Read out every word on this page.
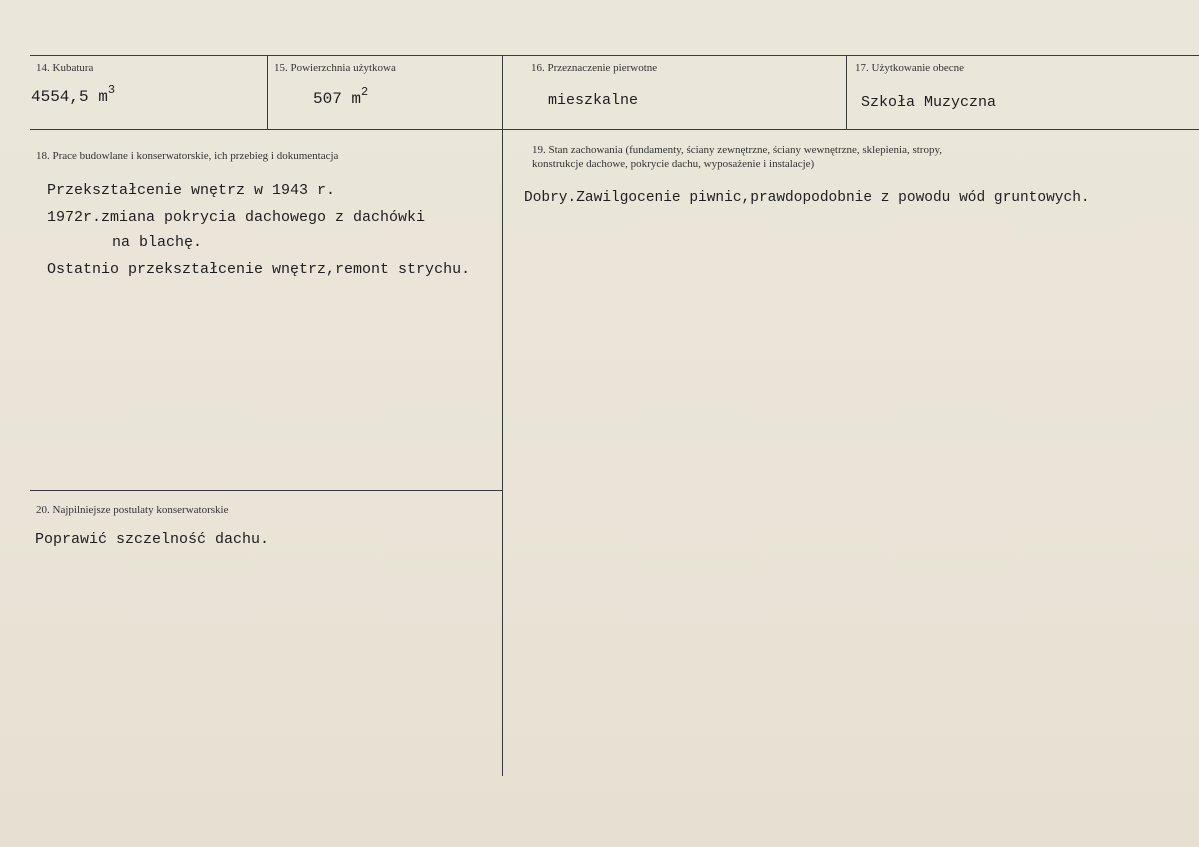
14. Kubatura
4554,5 $m^3$
15. Powierzchnia użytkowa
507 $m^2$
16. Przeznaczenie pierwotne
mieszkalne
17. Użytkowanie obecne
Szkoła Muzyczna
18. Prace budowlane i konserwatorskie, ich przebieg i dokumentacja
Przekształcenie wnętrz w 1943 r.
1972r.zmiana pokrycia dachowego z dachówki
na blachę.
Ostatnio przekształcenie wnętrz,remont strychu.
19. Stan zachowania (fundamenty, ściany zewnętrzne, ściany wewnętrzne, sklepienia, stropy,
konstrukcje dachowe, pokrycie dachu, wyposażenie i instalacje)
Dobry.Zawilgocenie piwnic,prawdopodobnie z powodu wód gruntowych.
20. Najpilniejsze postulaty konserwatorskie
Poprawić szczelność dachu.
